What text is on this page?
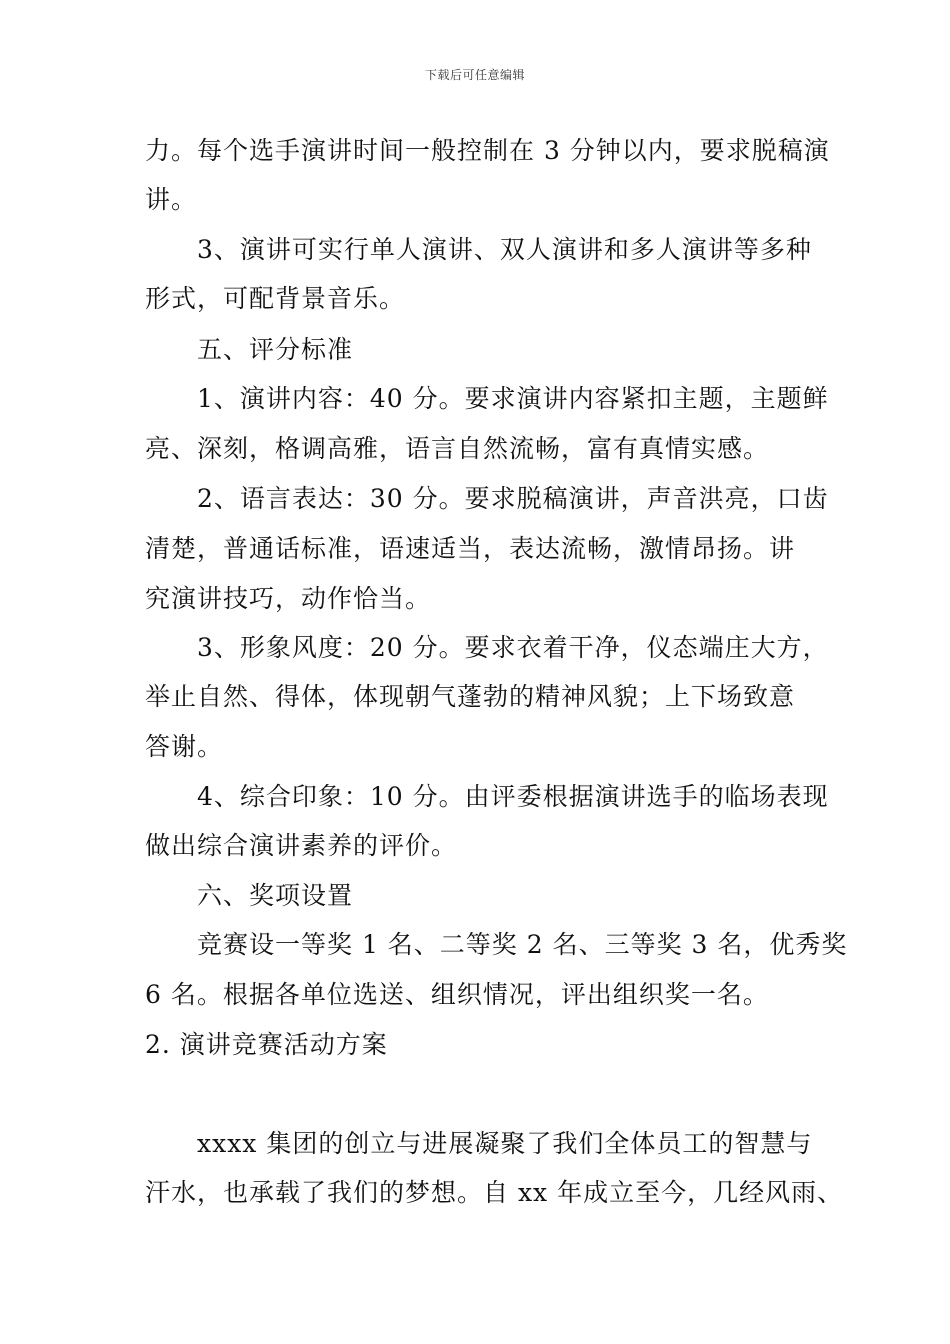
下载后可任意编辑
力。每个选手演讲时间一般控制在 3 分钟以内，要求脱稿演
讲。
3、演讲可实行单人演讲、双人演讲和多人演讲等多种
形式，可配背景音乐。
五、评分标准
1、演讲内容：40 分。要求演讲内容紧扣主题，主题鲜
亮、深刻，格调高雅，语言自然流畅，富有真情实感。
2、语言表达：30 分。要求脱稿演讲，声音洪亮，口齿
清楚，普通话标准，语速适当，表达流畅，激情昂扬。讲
究演讲技巧，动作恰当。
3、形象风度：20 分。要求衣着干净，仪态端庄大方，
举止自然、得体，体现朝气蓬勃的精神风貌；上下场致意
答谢。
4、综合印象：10 分。由评委根据演讲选手的临场表现
做出综合演讲素养的评价。
六、奖项设置
竞赛设一等奖 1 名、二等奖 2 名、三等奖 3 名，优秀奖
6 名。根据各单位选送、组织情况，评出组织奖一名。
2. 演讲竞赛活动方案
xxxx 集团的创立与进展凝聚了我们全体员工的智慧与
汗水，也承载了我们的梦想。自 xx 年成立至今，几经风雨、
